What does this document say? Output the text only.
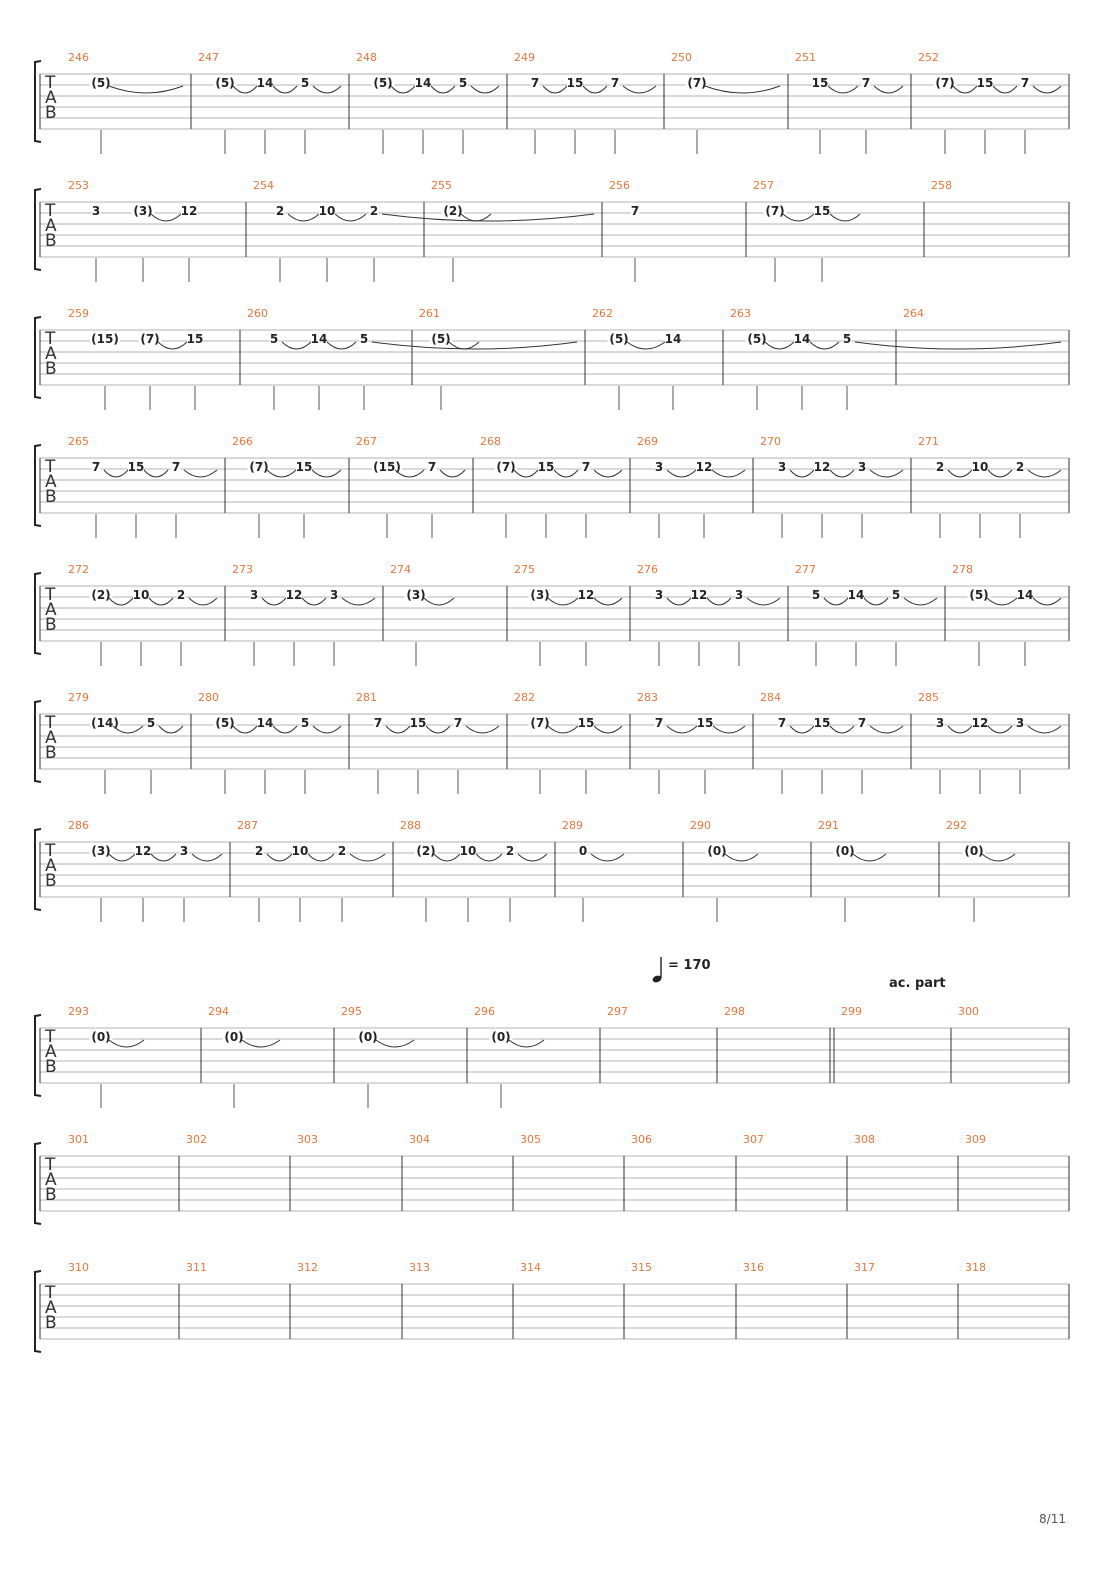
T
A
B
246
(5)
247
(5) 14 5
248
(5) 14 5
249
7 15 7
250
(7)
251
15	7
252
(7) 15 7
T
A
B
253
3
254
(3) 12
255
2	10	2
256
(2)
257
7
258
(7) 15
T
A
B
259
(15)
260
(7) 15
261
5	14	5
262
(5)
263
(5)	14
264
(5) 14	5
T
A
B
265
7 15 7
266
(7) 15
267
(15) 7
268
(7) 15 7
269
3	12
270
3 12 3
271
2 10 2
T
A
B
272
(2) 10 2
273
3 12 3
274
(3)
275
(3) 12
276
3 12 3
277
5 14 5
278
(5) 14
T
A
B
279
(14) 5
280
(5) 14 5
281
7 15 7
282
(7) 15
283
7	15
284
7 15 7
285
3 12 3
T
A
B
286
(3) 12 3
287
2 10 2
288
(2) 10 2
289
0
290
(0)
291
(0)
292
(0)
T
A
B
293
(0)
294
(0)
295
(0)
296
(0)
297	298	299	300
T
A
B
301	302	303	304	305	306	307	308	309
T
A
B
310	311	312	313	314	315	316	317	318
= 170
ac. part
8/11
